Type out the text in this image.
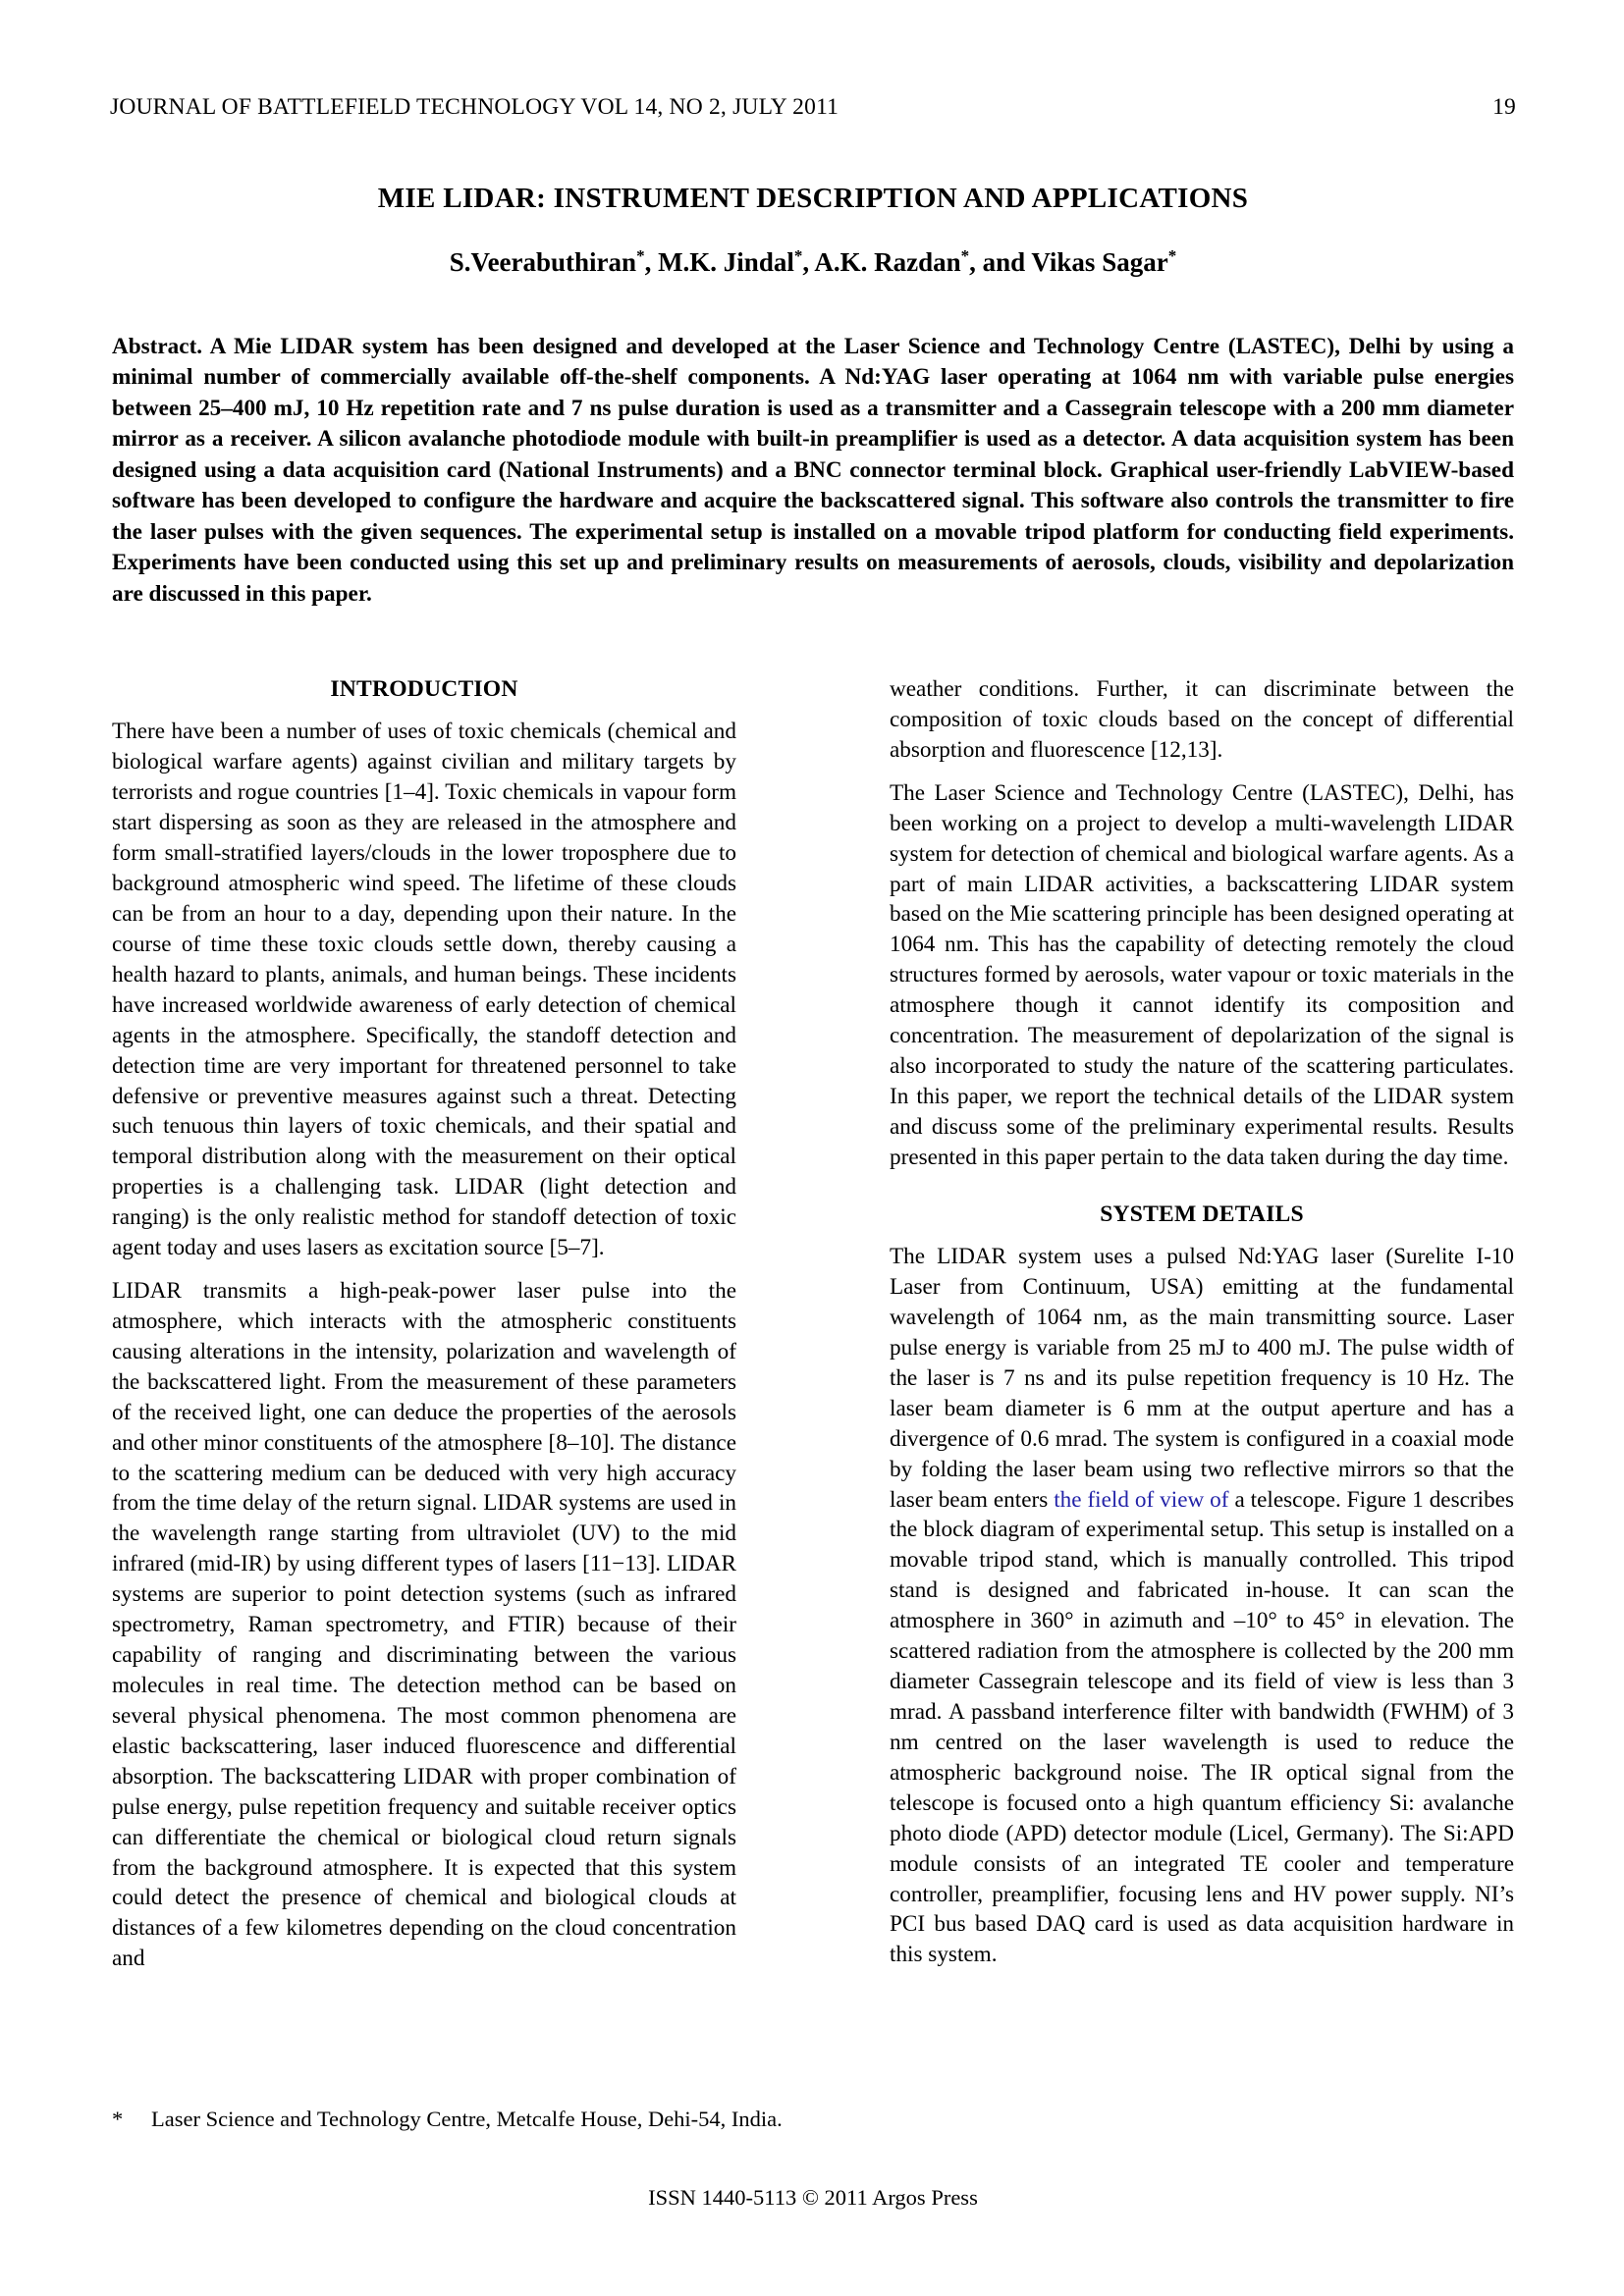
JOURNAL OF BATTLEFIELD TECHNOLOGY VOL 14, NO 2, JULY 2011	19
MIE LIDAR: INSTRUMENT DESCRIPTION AND APPLICATIONS
S.Veerabuthiran*, M.K. Jindal*, A.K. Razdan*, and Vikas Sagar*
Abstract. A Mie LIDAR system has been designed and developed at the Laser Science and Technology Centre (LASTEC), Delhi by using a minimal number of commercially available off-the-shelf components. A Nd:YAG laser operating at 1064 nm with variable pulse energies between 25–400 mJ, 10 Hz repetition rate and 7 ns pulse duration is used as a transmitter and a Cassegrain telescope with a 200 mm diameter mirror as a receiver. A silicon avalanche photodiode module with built-in preamplifier is used as a detector. A data acquisition system has been designed using a data acquisition card (National Instruments) and a BNC connector terminal block. Graphical user-friendly LabVIEW-based software has been developed to configure the hardware and acquire the backscattered signal. This software also controls the transmitter to fire the laser pulses with the given sequences. The experimental setup is installed on a movable tripod platform for conducting field experiments. Experiments have been conducted using this set up and preliminary results on measurements of aerosols, clouds, visibility and depolarization are discussed in this paper.
INTRODUCTION

There have been a number of uses of toxic chemicals (chemical and biological warfare agents) against civilian and military targets by terrorists and rogue countries [1–4]. Toxic chemicals in vapour form start dispersing as soon as they are released in the atmosphere and form small-stratified layers/clouds in the lower troposphere due to background atmospheric wind speed. The lifetime of these clouds can be from an hour to a day, depending upon their nature. In the course of time these toxic clouds settle down, thereby causing a health hazard to plants, animals, and human beings. These incidents have increased worldwide awareness of early detection of chemical agents in the atmosphere. Specifically, the standoff detection and detection time are very important for threatened personnel to take defensive or preventive measures against such a threat. Detecting such tenuous thin layers of toxic chemicals, and their spatial and temporal distribution along with the measurement on their optical properties is a challenging task. LIDAR (light detection and ranging) is the only realistic method for standoff detection of toxic agent today and uses lasers as excitation source [5–7].

LIDAR transmits a high-peak-power laser pulse into the atmosphere, which interacts with the atmospheric constituents causing alterations in the intensity, polarization and wavelength of the backscattered light. From the measurement of these parameters of the received light, one can deduce the properties of the aerosols and other minor constituents of the atmosphere [8–10]. The distance to the scattering medium can be deduced with very high accuracy from the time delay of the return signal. LIDAR systems are used in the wavelength range starting from ultraviolet (UV) to the mid infrared (mid-IR) by using different types of lasers [11−13]. LIDAR systems are superior to point detection systems (such as infrared spectrometry, Raman spectrometry, and FTIR) because of their capability of ranging and discriminating between the various molecules in real time. The detection method can be based on several physical phenomena. The most common phenomena are elastic backscattering, laser induced fluorescence and differential absorption. The backscattering LIDAR with proper combination of pulse energy, pulse repetition frequency and suitable receiver optics can differentiate the chemical or biological cloud return signals from the background atmosphere. It is expected that this system could detect the presence of chemical and biological clouds at distances of a few kilometres depending on the cloud concentration and

weather conditions. Further, it can discriminate between the composition of toxic clouds based on the concept of differential absorption and fluorescence [12,13].

The Laser Science and Technology Centre (LASTEC), Delhi, has been working on a project to develop a multi-wavelength LIDAR system for detection of chemical and biological warfare agents. As a part of main LIDAR activities, a backscattering LIDAR system based on the Mie scattering principle has been designed operating at 1064 nm. This has the capability of detecting remotely the cloud structures formed by aerosols, water vapour or toxic materials in the atmosphere though it cannot identify its composition and concentration. The measurement of depolarization of the signal is also incorporated to study the nature of the scattering particulates. In this paper, we report the technical details of the LIDAR system and discuss some of the preliminary experimental results. Results presented in this paper pertain to the data taken during the day time.

SYSTEM DETAILS

The LIDAR system uses a pulsed Nd:YAG laser (Surelite I-10 Laser from Continuum, USA) emitting at the fundamental wavelength of 1064 nm, as the main transmitting source. Laser pulse energy is variable from 25 mJ to 400 mJ. The pulse width of the laser is 7 ns and its pulse repetition frequency is 10 Hz. The laser beam diameter is 6 mm at the output aperture and has a divergence of 0.6 mrad. The system is configured in a coaxial mode by folding the laser beam using two reflective mirrors so that the laser beam enters the field of view of a telescope. Figure 1 describes the block diagram of experimental setup. This setup is installed on a movable tripod stand, which is manually controlled. This tripod stand is designed and fabricated in-house. It can scan the atmosphere in 360° in azimuth and –10° to 45° in elevation. The scattered radiation from the atmosphere is collected by the 200 mm diameter Cassegrain telescope and its field of view is less than 3 mrad. A passband interference filter with bandwidth (FWHM) of 3 nm centred on the laser wavelength is used to reduce the atmospheric background noise. The IR optical signal from the telescope is focused onto a high quantum efficiency Si: avalanche photo diode (APD) detector module (Licel, Germany). The Si:APD module consists of an integrated TE cooler and temperature controller, preamplifier, focusing lens and HV power supply. NI’s PCI bus based DAQ card is used as data acquisition hardware in this system.

* Laser Science and Technology Centre, Metcalfe House, Dehi-54, India.
ISSN 1440-5113 © 2011 Argos Press
